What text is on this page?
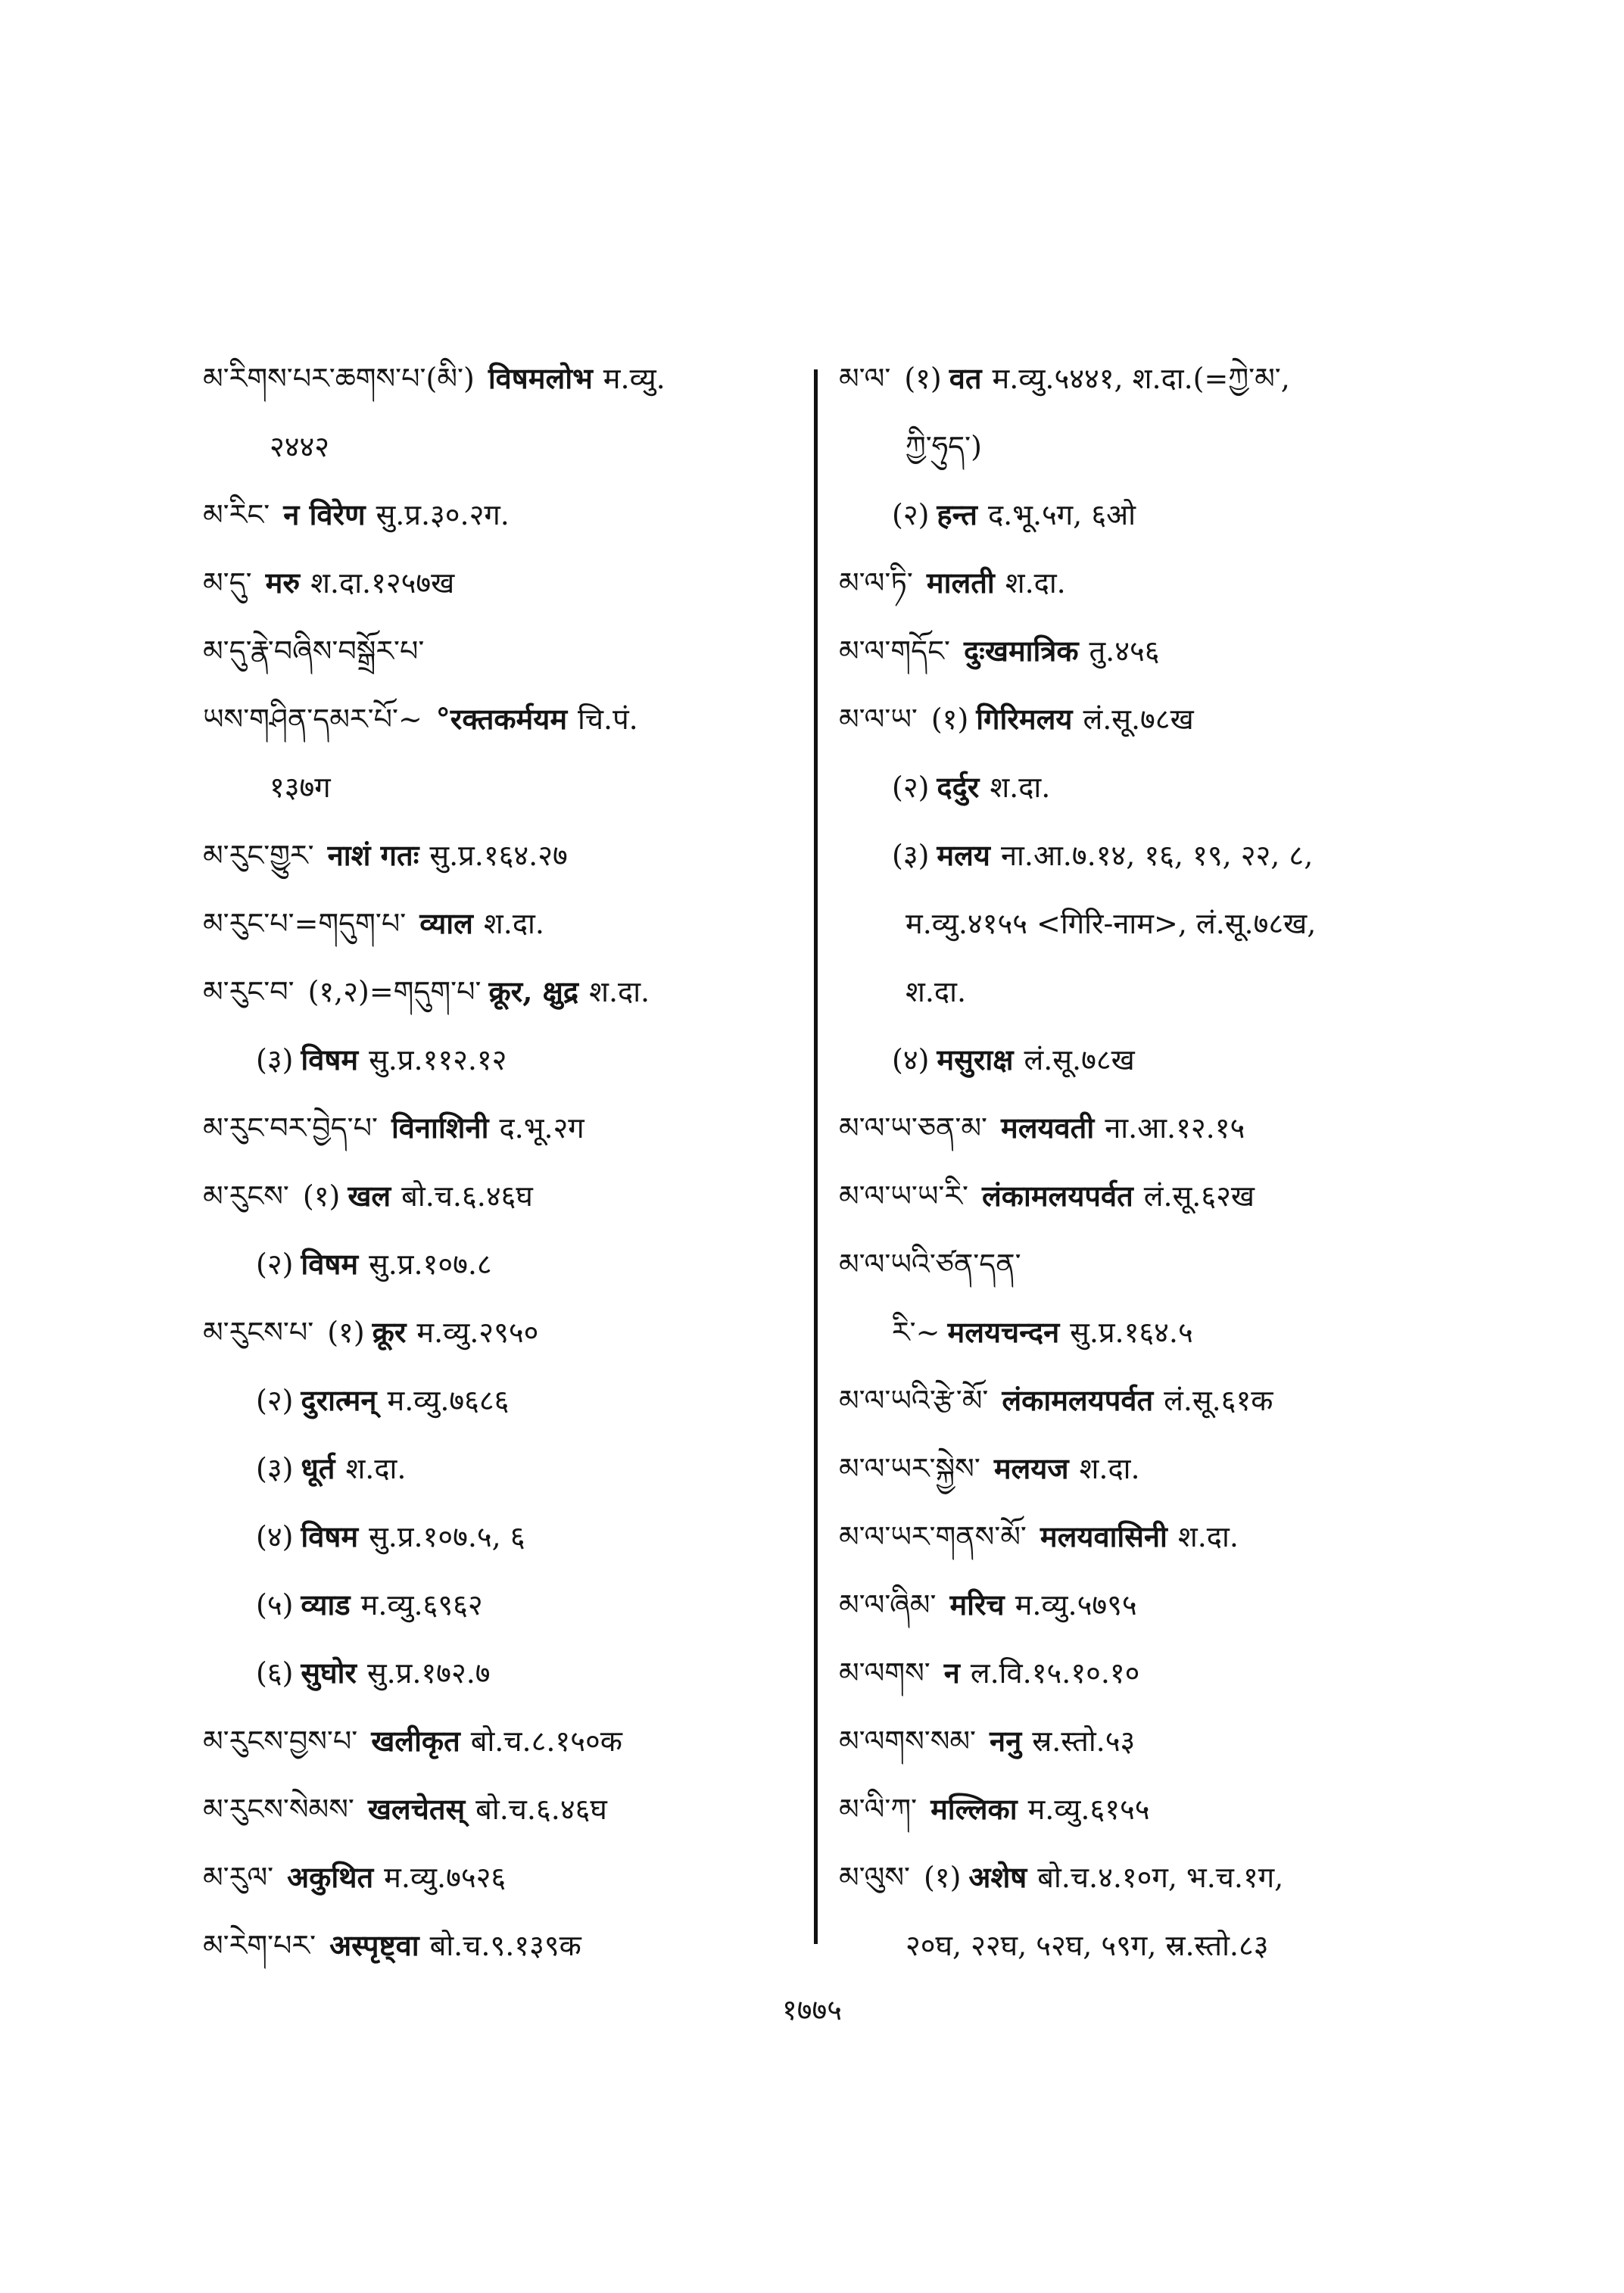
མ་རིགས་པར་ཆགས་པ་(མི༌) विषमलोभ म.व्यु.
२४४२
མ་རིང་ न विरेण सु.प्र.३०.२ग.
མ་དུ་ मरु श.दा.१२५७ख
མ་དུ་རྣེ་བཞིས་བསྒྲོར་པ་
ཡས་གཤིན་དམར་པོ་~ °रक्तकर्मयम चि.पं.
१३७ग
མ་རུང་གྱུར་ नाशं गतः सु.प्र.१६४.२७
མ་རུང་པ་=གདུག་པ་ व्याल श.दा.
མ་རུང་བ་ (१,२)=གདུག་པ་ क्रूर, क्षुद्र श.दा.
(३) विषम सु.प्र.११२.१२
མ་རུང་བར་བྱེད་པ་ विनाशिनी द.भू.२ग
མ་རུངས་ (१) खल बो.च.६.४६घ
(२) विषम सु.प्र.१०७.८
མ་རུངས་པ་ (१) क्रूर म.व्यु.२९५०
(२) दुरात्मन् म.व्यु.७६८६
(३) धूर्त श.दा.
(४) विषम सु.प्र.१०७.५, ६
(५) व्याड म.व्यु.६९६२
(६) सुघोर सु.प्र.१७२.७
མ་རུངས་བྱས་པ་ खलीकृत बो.च.८.१५०क
མ་རུངས་སེམས་ खलचेतस् बो.च.६.४६घ
མ་རུལ་ अकुथित म.व्यु.७५२६
མ་རེག་པར་ अस्पृष्ट्वा बो.च.९.१३९क
མ་ལ་ (१) वत म.व्यु.५४४१, श.दा.(=ཀྱེ་མ་,
ཀྱི་ཧུད་)
(२) हन्त द.भू.५ग, ६ओ
མ་ལ་ཏི་ मालती श.दा.
མ་ལ་གདོང་ दुःखमात्रिक तु.४५६
མ་ལ་ཡ་ (१) गिरिमलय लं.सू.७८ख
(२) दर्दुर श.दा.
(३) मलय ना.आ.७.१४, १६, १९, २२, ८,
म.व्यु.४१५५ <गिरि-नाम>, लं.सू.७८ख,
श.दा.
(४) मसुराक्ष लं.सू.७८ख
མ་ལ་ཡ་ཅན་མ་ मलयवती ना.आ.१२.१५
མ་ལ་ཡ་ཡ་རི་ लंकामलयपर्वत लं.सू.६२ख
མ་ལ་ཡའི་ཙན་དན་
རི་~ मलयचन्दन सु.प्र.१६४.५
མ་ལ་ཡའི་རྩེ་མོ་ लंकामलयपर्वत लं.सू.६१क
མ་ལ་ཡར་སྐྱེས་ मलयज श.दा.
མ་ལ་ཡར་གནས་མོ་ मलयवासिनी श.दा.
མ་ལ་ཞིམ་ मरिच म.व्यु.५७९५
མ་ལགས་ न ल.वि.१५.१०.१०
མ་ལགས་སམ་ ननु स्र.स्तो.५३
མ་ལི་ཀ་ मल्लिका म.व्यु.६१५५
མ་ལུས་ (१) अशेष बो.च.४.१०ग, भ.च.१ग,
२०घ, २२घ, ५२घ, ५९ग, स्र.स्तो.८३
१७७५
